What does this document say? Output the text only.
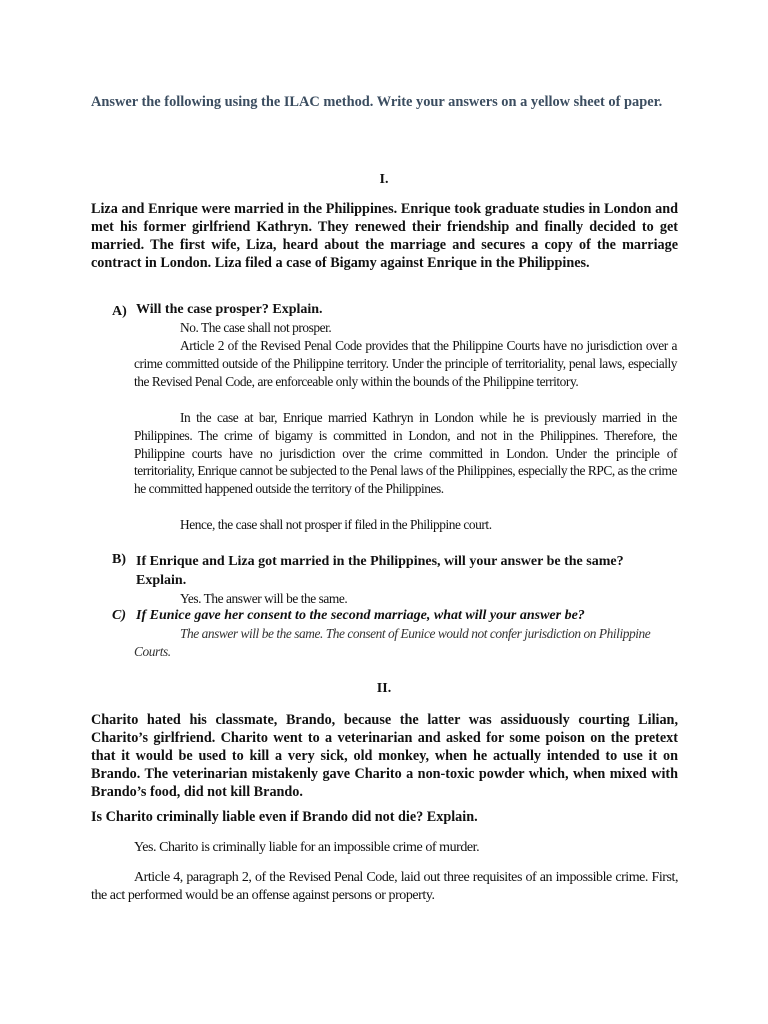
Answer the following using the ILAC method. Write your answers on a yellow sheet of paper.

I.

Liza and Enrique were married in the Philippines. Enrique took graduate studies in London and met his former girlfriend Kathryn. They renewed their friendship and finally decided to get married. The first wife, Liza, heard about the marriage and secures a copy of the marriage contract in London. Liza filed a case of Bigamy against Enrique in the Philippines.

A) Will the case prosper? Explain.

No. The case shall not prosper.

Article 2 of the Revised Penal Code provides that the Philippine Courts have no jurisdiction over a crime committed outside of the Philippine territory. Under the principle of territoriality, penal laws, especially the Revised Penal Code, are enforceable only within the bounds of the Philippine territory.

In the case at bar, Enrique married Kathryn in London while he is previously married in the Philippines. The crime of bigamy is committed in London, and not in the Philippines. Therefore, the Philippine courts have no jurisdiction over the crime committed in London. Under the principle of territoriality, Enrique cannot be subjected to the Penal laws of the Philippines, especially the RPC, as the crime he committed happened outside the territory of the Philippines.

Hence, the case shall not prosper if filed in the Philippine court.

B) If Enrique and Liza got married in the Philippines, will your answer be the same? Explain.

Yes. The answer will be the same.

C) If Eunice gave her consent to the second marriage, what will your answer be?

The answer will be the same. The consent of Eunice would not confer jurisdiction on Philippine Courts.

II.

Charito hated his classmate, Brando, because the latter was assiduously courting Lilian, Charito’s girlfriend. Charito went to a veterinarian and asked for some poison on the pretext that it would be used to kill a very sick, old monkey, when he actually intended to use it on Brando. The veterinarian mistakenly gave Charito a non-toxic powder which, when mixed with Brando’s food, did not kill Brando.

Is Charito criminally liable even if Brando did not die? Explain.

Yes. Charito is criminally liable for an impossible crime of murder.

Article 4, paragraph 2, of the Revised Penal Code, laid out three requisites of an impossible crime. First, the act performed would be an offense against persons or property.
